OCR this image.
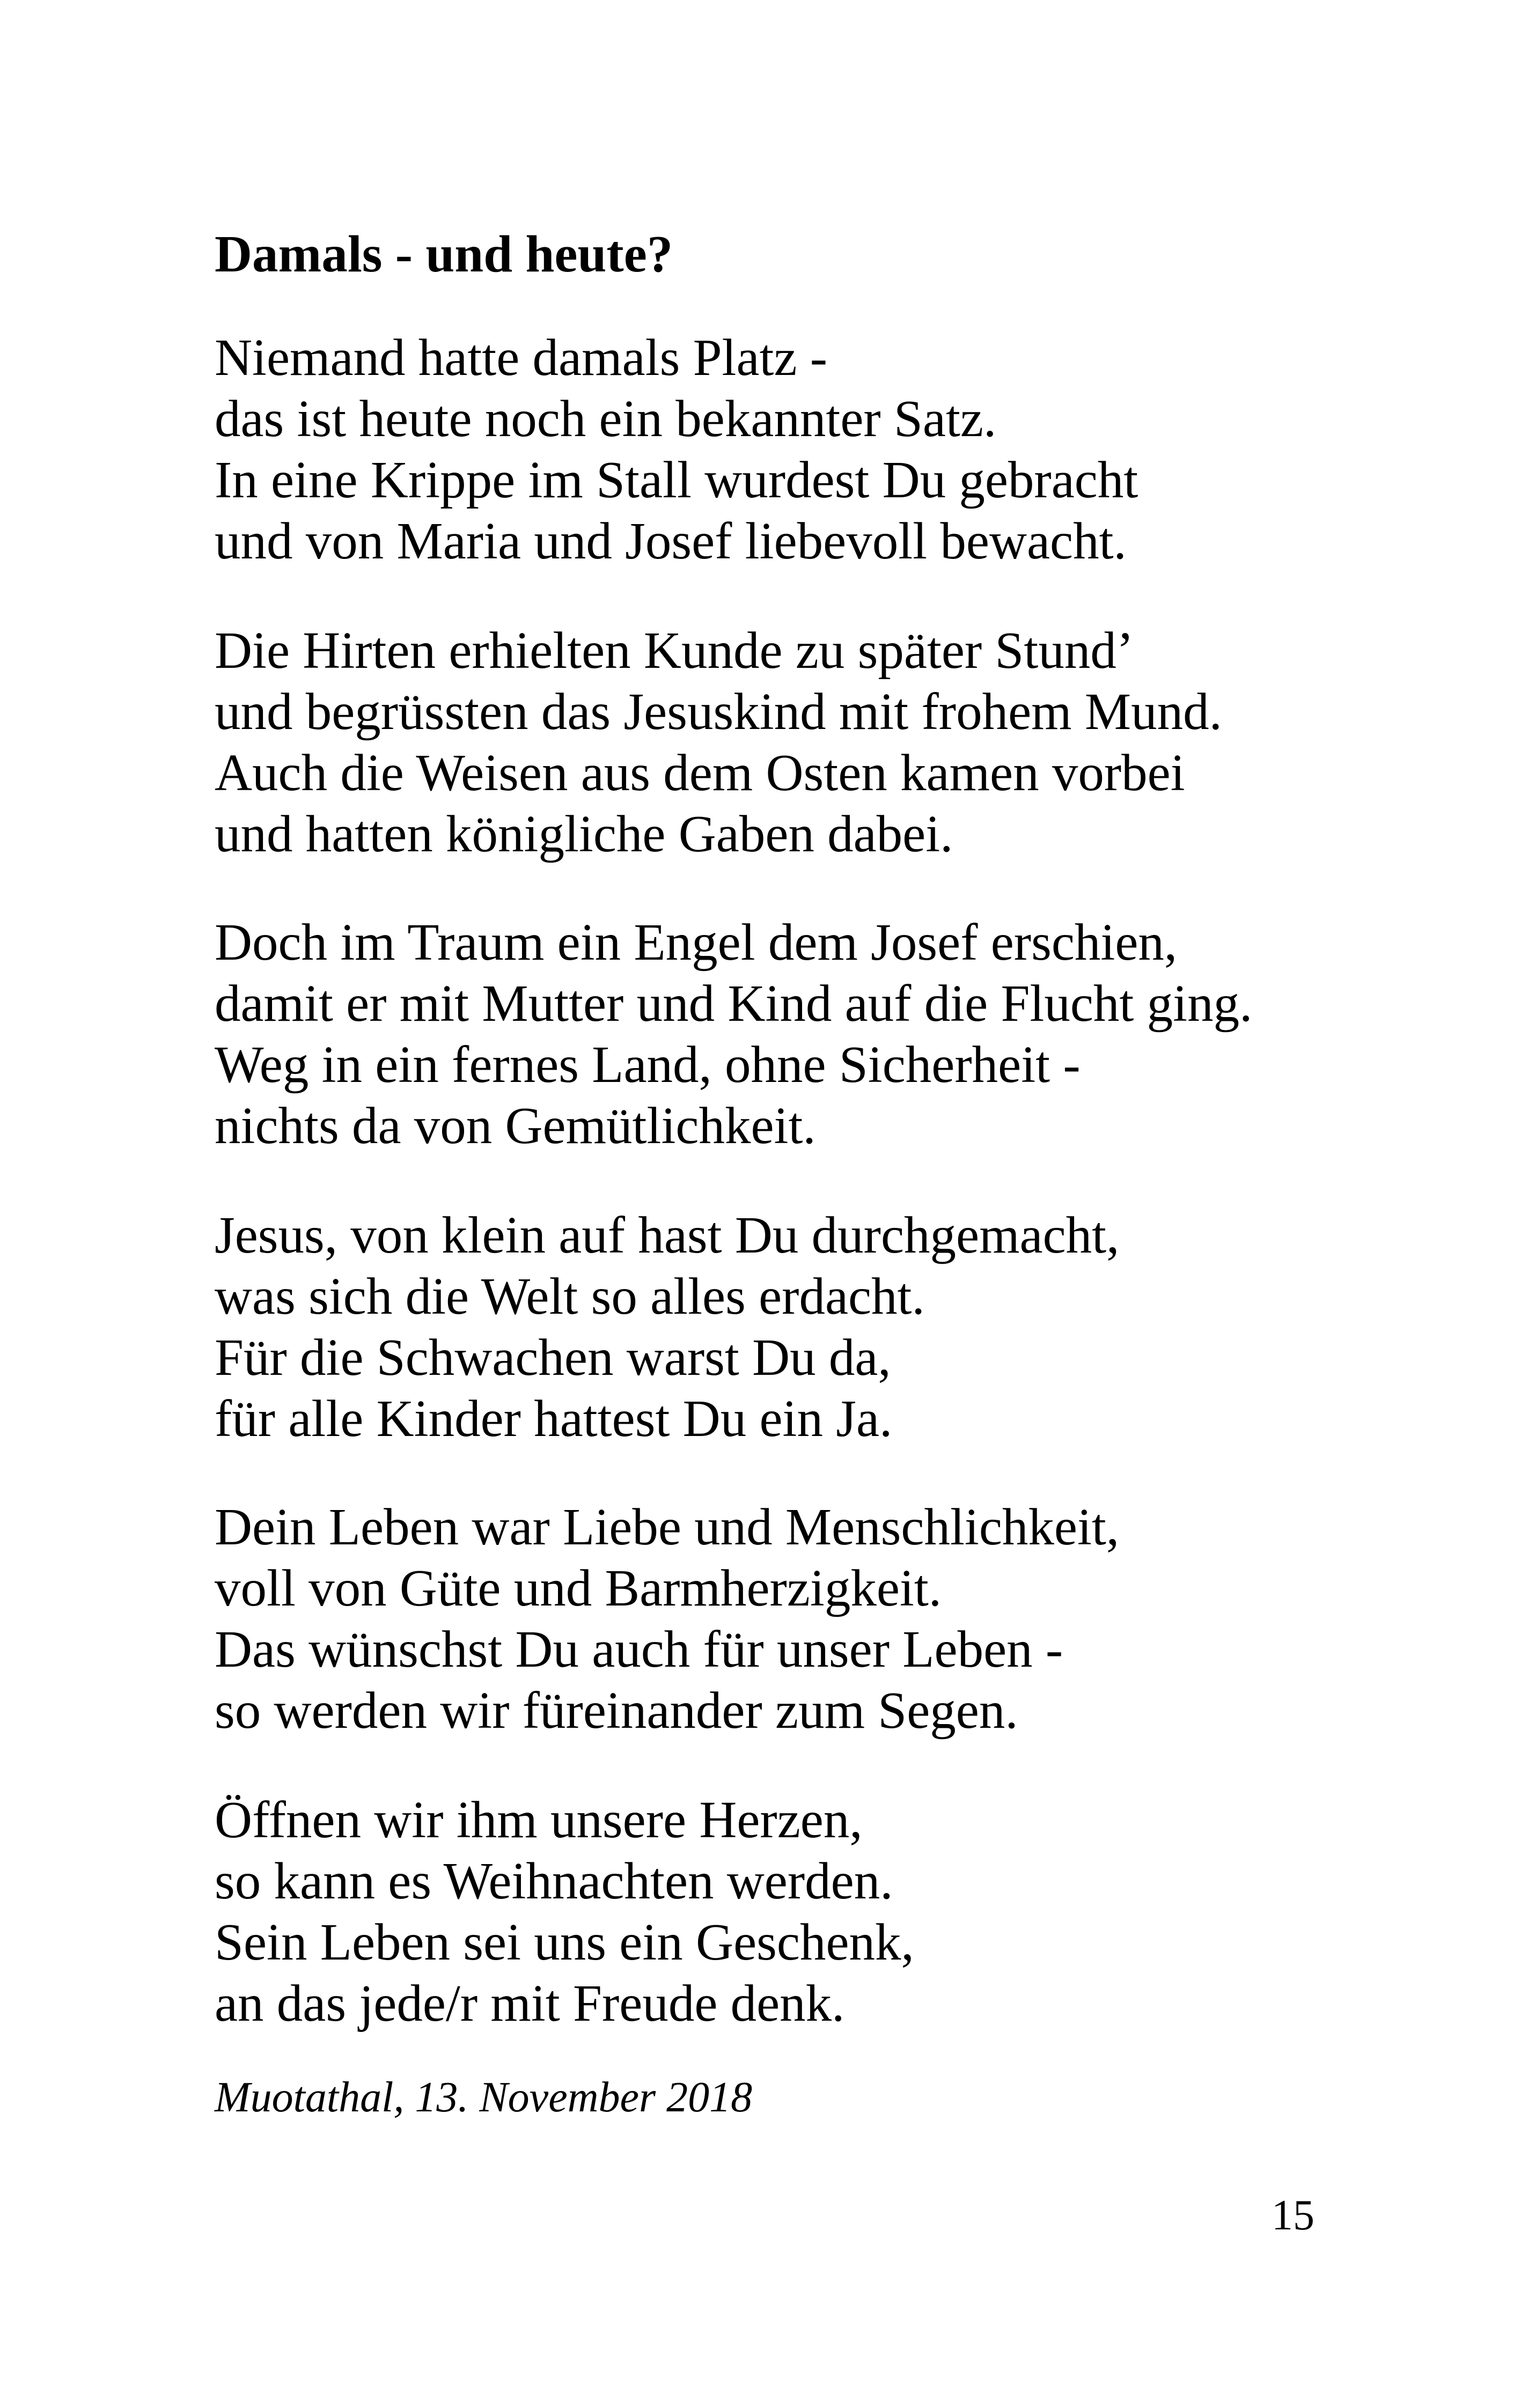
Damals - und heute?
Niemand hatte damals Platz -
das ist heute noch ein bekannter Satz.
In eine Krippe im Stall wurdest Du gebracht
und von Maria und Josef liebevoll bewacht.
Die Hirten erhielten Kunde zu später Stund’
und begrüssten das Jesuskind mit frohem Mund.
Auch die Weisen aus dem Osten kamen vorbei
und hatten königliche Gaben dabei.
Doch im Traum ein Engel dem Josef erschien,
damit er mit Mutter und Kind auf die Flucht ging.
Weg in ein fernes Land, ohne Sicherheit -
nichts da von Gemütlichkeit.
Jesus, von klein auf hast Du durchgemacht,
was sich die Welt so alles erdacht.
Für die Schwachen warst Du da,
für alle Kinder hattest Du ein Ja.
Dein Leben war Liebe und Menschlichkeit,
voll von Güte und Barmherzigkeit.
Das wünschst Du auch für unser Leben -
so werden wir füreinander zum Segen.
Öffnen wir ihm unsere Herzen,
so kann es Weihnachten werden.
Sein Leben sei uns ein Geschenk,
an das jede/r mit Freude denk.

Muotathal, 13. November 2018

15
